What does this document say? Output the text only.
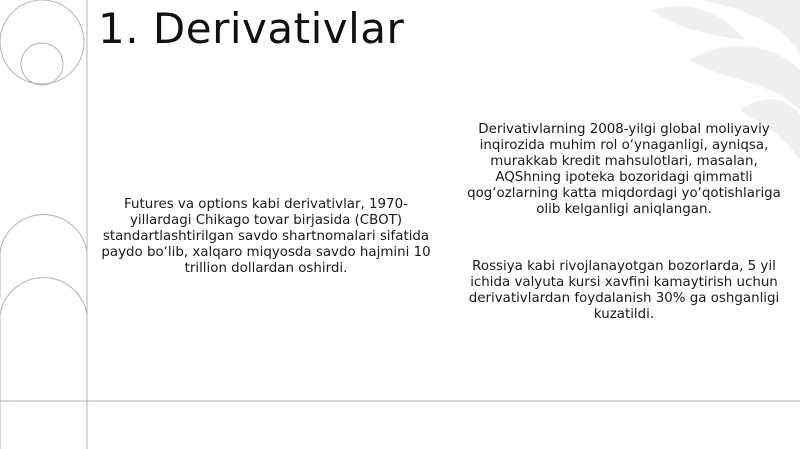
1. Derivativlar
Futures va options kabi derivativlar, 1970-yillardagi Chikago tovar birjasida (CBOT) standartlashtirilgan savdo shartnomalari sifatida paydo bo‘lib, xalqaro miqyosda savdo hajmini 10 trillion dollardan oshirdi.
Derivativlarning 2008-yilgi global moliyaviy inqirozida muhim rol o‘ynaganligi, ayniqsa, murakkab kredit mahsulotlari, masalan, AQShning ipoteka bozoridagi qimmatli qog‘ozlarning katta miqdordagi yo‘qotishlariga olib kelganligi aniqlangan.
Rossiya kabi rivojlanayotgan bozorlarda, 5 yil ichida valyuta kursi xavfini kamaytirish uchun derivativlardan foydalanish 30% ga oshganligi kuzatildi.
